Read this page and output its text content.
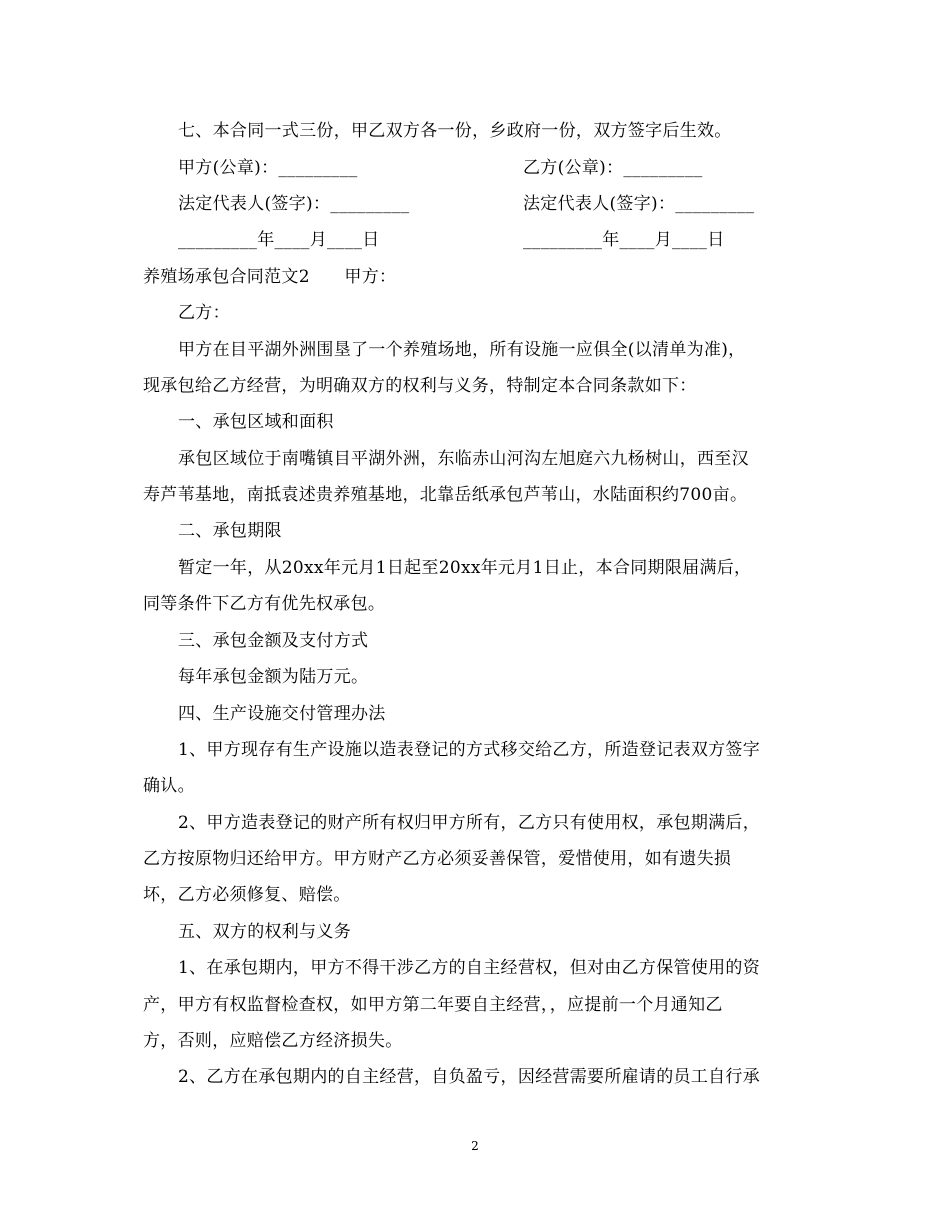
七、本合同一式三份，甲乙双方各一份，乡政府一份，双方签字后生效。
甲方(公章)：_________	乙方(公章)：_________
法定代表人(签字)：_________	法定代表人(签字)：_________
_________年____月____日	_________年____月____日
养殖场承包合同范文2　　甲方：
乙方：
甲方在目平湖外洲围垦了一个养殖场地，所有设施一应俱全(以清单为准)，
现承包给乙方经营，为明确双方的权利与义务，特制定本合同条款如下：
一、承包区域和面积
承包区域位于南嘴镇目平湖外洲，东临赤山河沟左旭庭六九杨树山，西至汉
寿芦苇基地，南抵袁述贵养殖基地，北靠岳纸承包芦苇山，水陆面积约700亩。
二、承包期限
暂定一年，从20xx年元月1日起至20xx年元月1日止，本合同期限届满后，
同等条件下乙方有优先权承包。
三、承包金额及支付方式
每年承包金额为陆万元。
四、生产设施交付管理办法
1、甲方现存有生产设施以造表登记的方式移交给乙方，所造登记表双方签字
确认。
2、甲方造表登记的财产所有权归甲方所有，乙方只有使用权，承包期满后，
乙方按原物归还给甲方。甲方财产乙方必须妥善保管，爱惜使用，如有遗失损
坏，乙方必须修复、赔偿。
五、双方的权利与义务
1、在承包期内，甲方不得干涉乙方的自主经营权，但对由乙方保管使用的资
产，甲方有权监督检查权，如甲方第二年要自主经营，，应提前一个月通知乙
方，否则，应赔偿乙方经济损失。
2、乙方在承包期内的自主经营，自负盈亏，因经营需要所雇请的员工自行承
2
